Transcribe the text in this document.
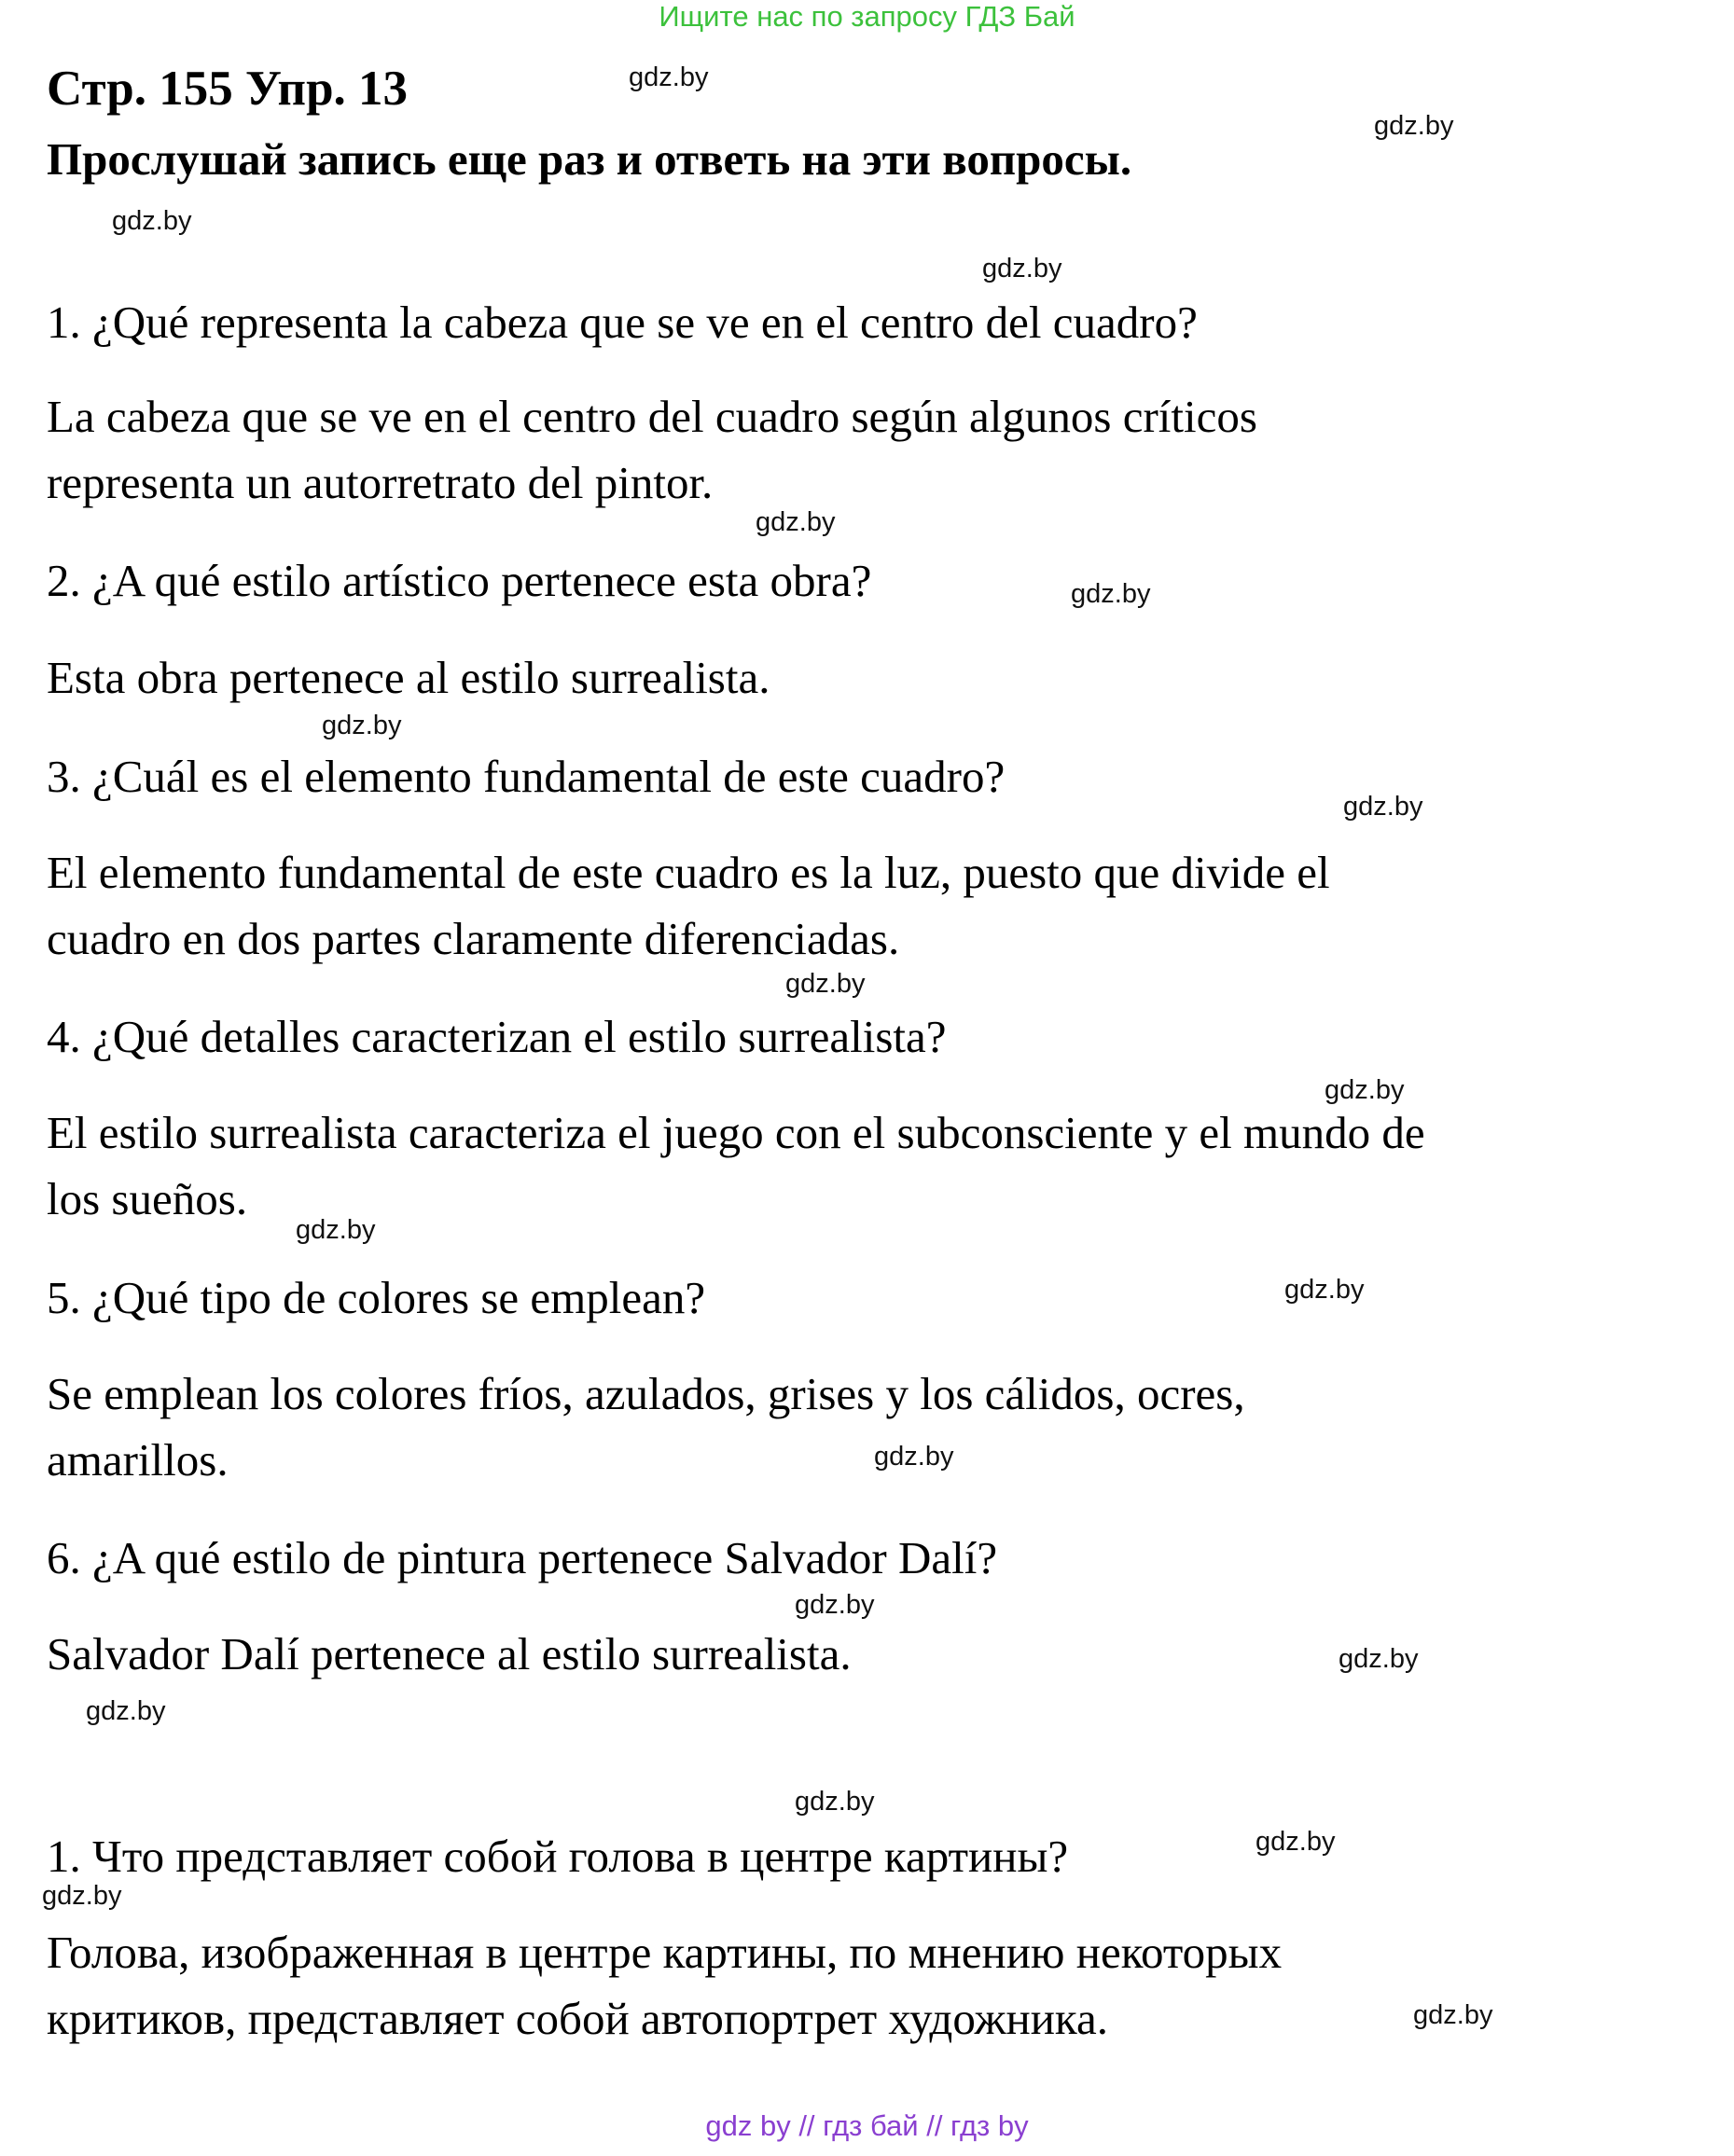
Ищите нас по запросу ГДЗ Бай
Стр. 155 Упр. 13
Прослушай запись еще раз и ответь на эти вопросы.
1. ¿Qué representa la cabeza que se ve en el centro del cuadro?
La cabeza que se ve en el centro del cuadro según algunos críticos
representa un autorretrato del pintor.
2. ¿A qué estilo artístico pertenece esta obra?
Esta obra pertenece al estilo surrealista.
3. ¿Cuál es el elemento fundamental de este cuadro?
El elemento fundamental de este cuadro es la luz, puesto que divide el
cuadro en dos partes claramente diferenciadas.
4. ¿Qué detalles caracterizan el estilo surrealista?
El estilo surrealista caracteriza el juego con el subconsciente y el mundo de
los sueños.
5. ¿Qué tipo de colores se emplean?
Se emplean los colores fríos, azulados, grises y los cálidos, ocres,
amarillos.
6. ¿A qué estilo de pintura pertenece Salvador Dalí?
Salvador Dalí pertenece al estilo surrealista.
1. Что представляет собой голова в центре картины?
Голова, изображенная в центре картины, по мнению некоторых
критиков, представляет собой автопортрет художника.
gdz.by
gdz.by
gdz.by
gdz.by
gdz.by
gdz.by
gdz.by
gdz.by
gdz.by
gdz.by
gdz.by
gdz.by
gdz.by
gdz.by
gdz.by
gdz.by
gdz.by
gdz.by
gdz.by
gdz.by
gdz by // гдз бай // гдз by
